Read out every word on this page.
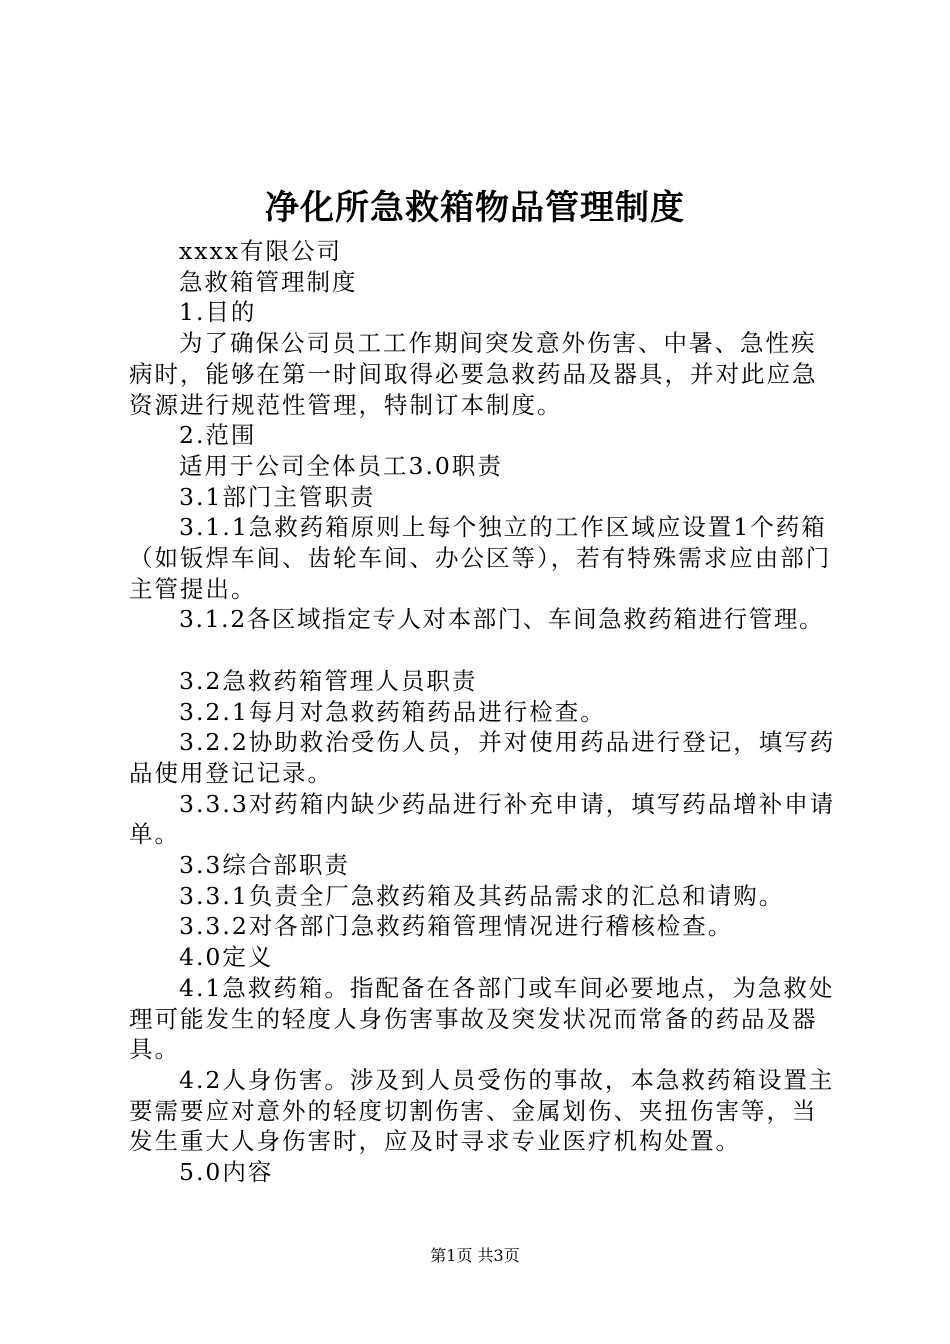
净化所急救箱物品管理制度

xxxx有限公司

急救箱管理制度

1.目的

为了确保公司员工工作期间突发意外伤害、中暑、急性疾病时，能够在第一时间取得必要急救药品及器具，并对此应急资源进行规范性管理，特制订本制度。

2.范围

适用于公司全体员工3.0职责

3.1部门主管职责

3.1.1急救药箱原则上每个独立的工作区域应设置1个药箱（如钣焊车间、齿轮车间、办公区等），若有特殊需求应由部门主管提出。

3.1.2各区域指定专人对本部门、车间急救药箱进行管理。

3.2急救药箱管理人员职责

3.2.1每月对急救药箱药品进行检查。

3.2.2协助救治受伤人员，并对使用药品进行登记，填写药品使用登记记录。

3.3.3对药箱内缺少药品进行补充申请，填写药品增补申请单。

3.3综合部职责

3.3.1负责全厂急救药箱及其药品需求的汇总和请购。

3.3.2对各部门急救药箱管理情况进行稽核检查。

4.0定义

4.1急救药箱。指配备在各部门或车间必要地点，为急救处理可能发生的轻度人身伤害事故及突发状况而常备的药品及器具。

4.2人身伤害。涉及到人员受伤的事故，本急救药箱设置主要需要应对意外的轻度切割伤害、金属划伤、夹扭伤害等，当发生重大人身伤害时，应及时寻求专业医疗机构处置。

5.0内容

第1页 共3页
